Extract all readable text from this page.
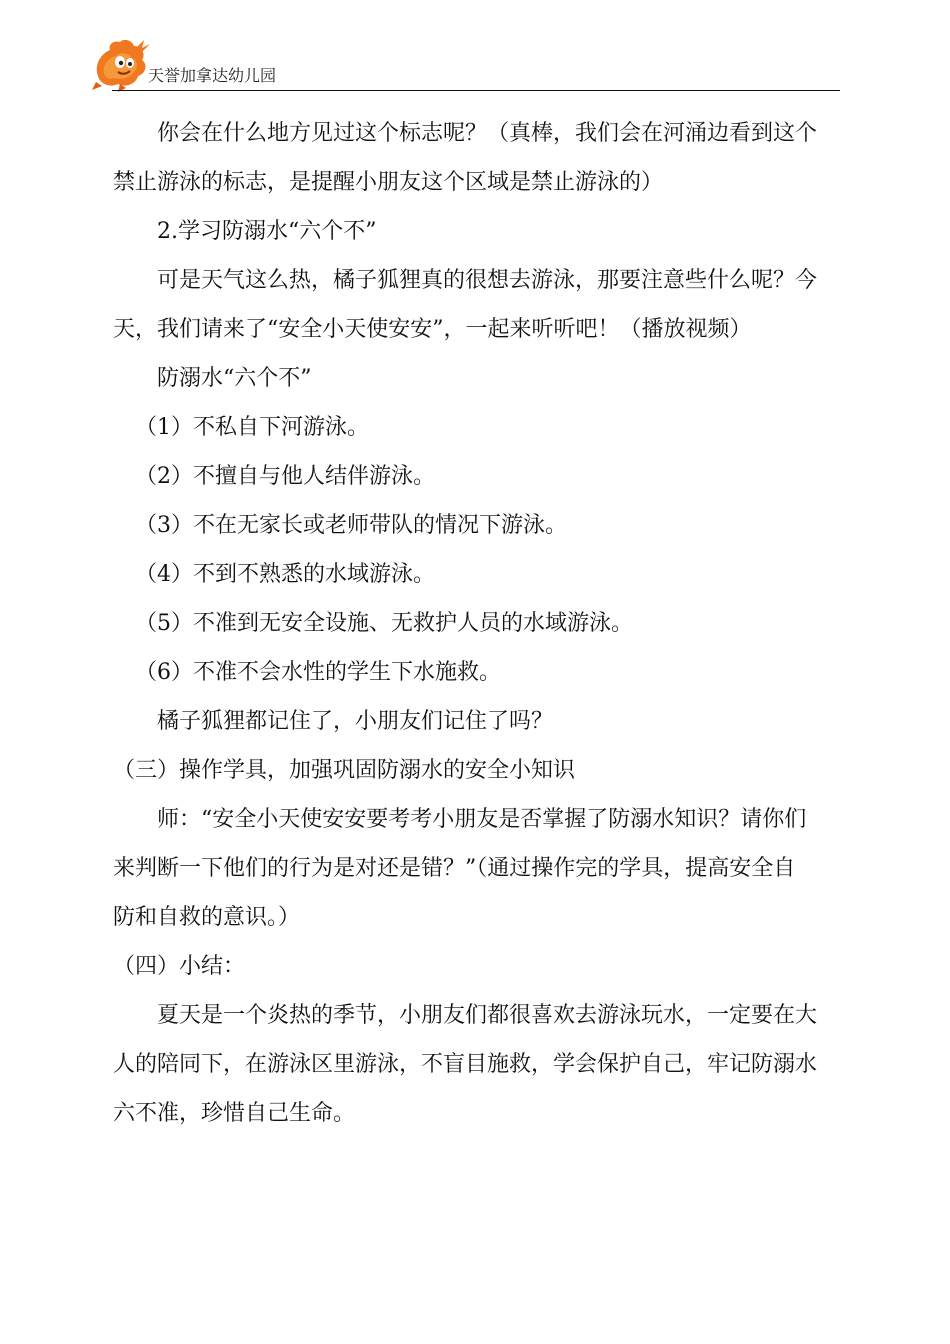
天誉加拿达幼儿园
你会在什么地方见过这个标志呢？（真棒，我们会在河涌边看到这个
禁止游泳的标志，是提醒小朋友这个区域是禁止游泳的）
2.学习防溺水“六个不”
可是天气这么热，橘子狐狸真的很想去游泳，那要注意些什么呢？今
天，我们请来了“安全小天使安安”，一起来听听吧！（播放视频）
防溺水“六个不”
（1）不私自下河游泳。
（2）不擅自与他人结伴游泳。
（3）不在无家长或老师带队的情况下游泳。
（4）不到不熟悉的水域游泳。
（5）不准到无安全设施、无救护人员的水域游泳。
（6）不准不会水性的学生下水施救。
橘子狐狸都记住了，小朋友们记住了吗？
（三）操作学具，加强巩固防溺水的安全小知识
师：“安全小天使安安要考考小朋友是否掌握了防溺水知识？请你们
来判断一下他们的行为是对还是错？”（通过操作完的学具，提高安全自
防和自救的意识。）
（四）小结：
夏天是一个炎热的季节，小朋友们都很喜欢去游泳玩水，一定要在大
人的陪同下，在游泳区里游泳，不盲目施救，学会保护自己，牢记防溺水
六不准，珍惜自己生命。
